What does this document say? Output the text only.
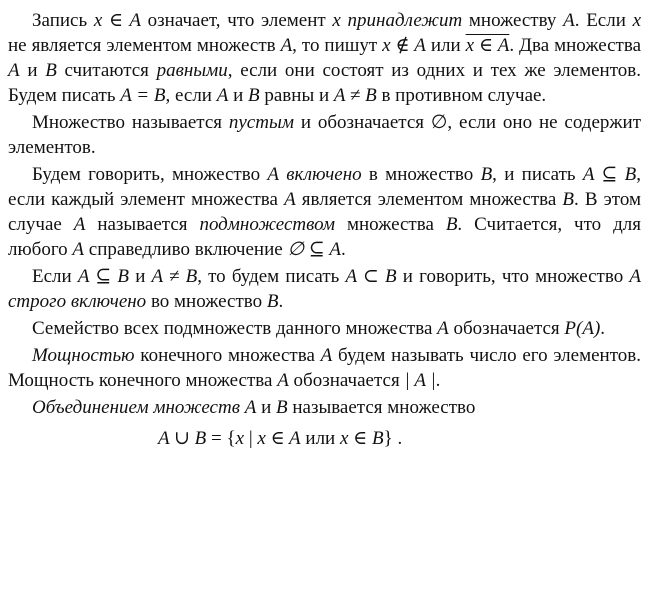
Запись x ∈ A означает, что элемент x принадлежит множеству A. Если x не является элементом множеств A, то пишут x ∉ A или x ∈ A. Два множества A и B считаются равными, если они состоят из одних и тех же элементов. Будем писать A = B, если A и B равны и A ≠ B в противном случае.
Множество называется пустым и обозначается ∅, если оно не содержит элементов.
Будем говорить, множество A включено в множество B, и писать A ⊆ B, если каждый элемент множества A является элементом множества B. В этом случае A называется подмножеством множества B. Считается, что для любого A справедливо включение ∅ ⊆ A.
Если A ⊆ B и A ≠ B, то будем писать A ⊂ B и говорить, что множество A строго включено во множество B.
Семейство всех подмножеств данного множества A обозначается P(A).
Мощностью конечного множества A будем называть число его элементов. Мощность конечного множества A обозначается | A |.
Объединением множеств A и B называется множество
A ∪ B = {x | x ∈ A или x ∈ B} .
